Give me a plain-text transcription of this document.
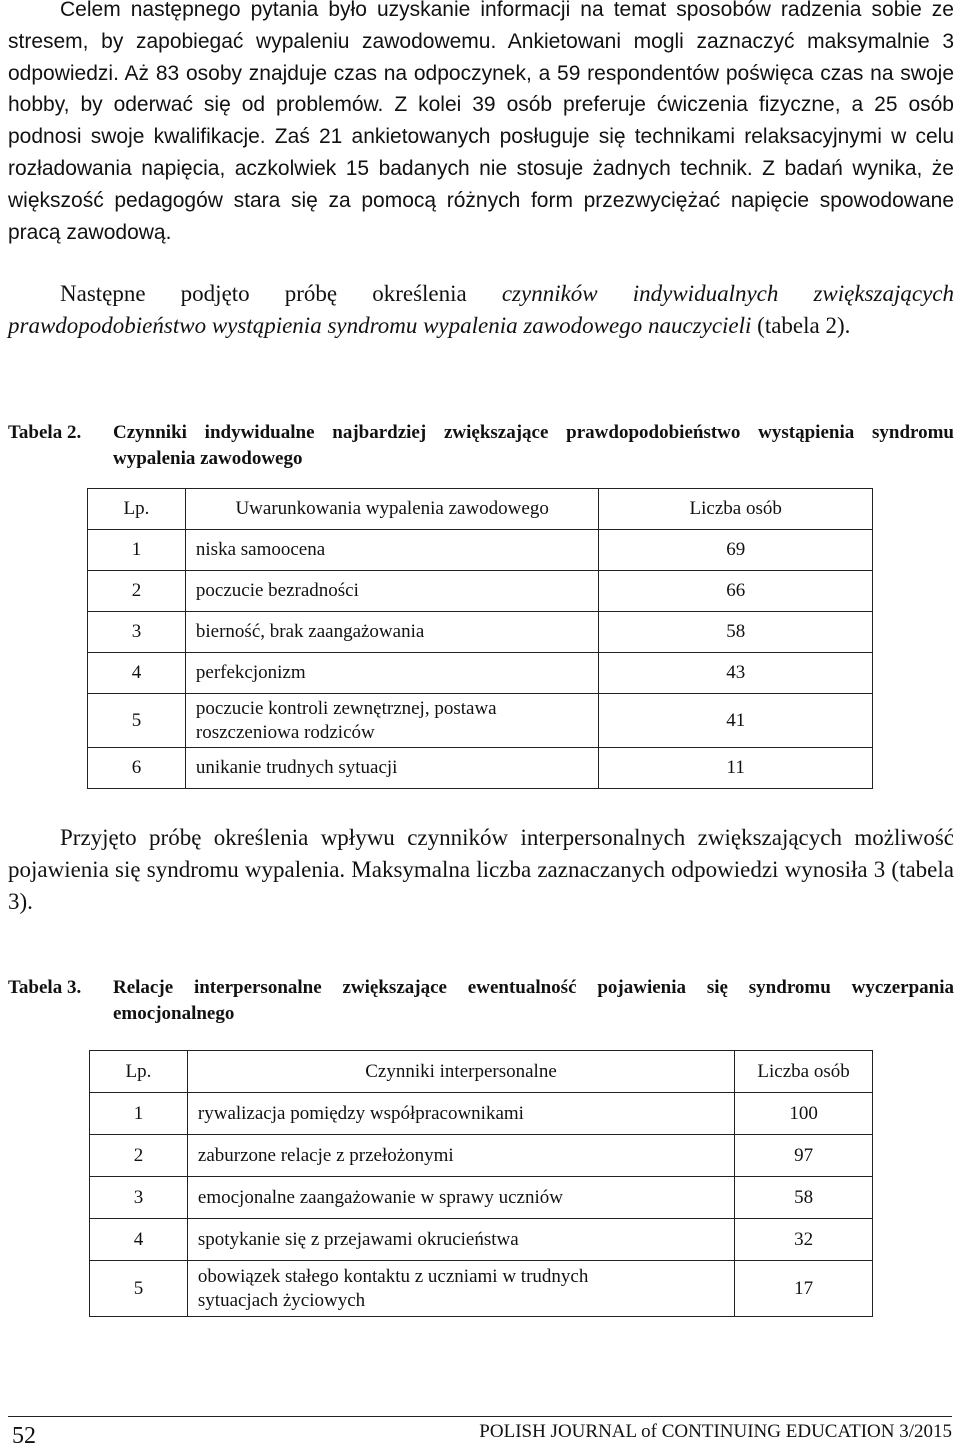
Celem następnego pytania było uzyskanie informacji na temat sposobów radzenia sobie ze stresem, by zapobiegać wypaleniu zawodowemu. Ankietowani mogli zaznaczyć maksymalnie 3 odpowiedzi. Aż 83 osoby znajduje czas na odpoczynek, a 59 respondentów poświęca czas na swoje hobby, by oderwać się od problemów. Z kolei 39 osób preferuje ćwiczenia fizyczne, a 25 osób podnosi swoje kwalifikacje. Zaś 21 ankietowanych posługuje się technikami relaksacyjnymi w celu rozładowania napięcia, aczkolwiek 15 badanych nie stosuje żadnych technik. Z badań wynika, że większość pedagogów stara się za pomocą różnych form przezwyciężać napięcie spowodowane pracą zawodową.

Następne podjęto próbę określenia czynników indywidualnych zwiększających prawdopodobieństwo wystąpienia syndromu wypalenia zawodowego nauczycieli (tabela 2).

Tabela 2.	Czynniki indywidualne najbardziej zwiększające prawdopodobieństwo wystąpienia syndromu wypalenia zawodowego
Lp.	Uwarunkowania wypalenia zawodowego	Liczba osób
1	niska samoocena	69
2	poczucie bezradności	66
3	bierność, brak zaangażowania	58
4	perfekcjonizm	43
5	poczucie kontroli zewnętrznej, postawa roszczeniowa rodziców	41
6	unikanie trudnych sytuacji	11

Przyjęto próbę określenia wpływu czynników interpersonalnych zwiększających możliwość pojawienia się syndromu wypalenia. Maksymalna liczba zaznaczanych odpowiedzi wynosiła 3 (tabela 3).

Tabela 3.	Relacje interpersonalne zwiększające ewentualność pojawienia się syndromu wyczerpania emocjonalnego
Lp.	Czynniki interpersonalne	Liczba osób
1	rywalizacja pomiędzy współpracownikami	100
2	zaburzone relacje z przełożonymi	97
3	emocjonalne zaangażowanie w sprawy uczniów	58
4	spotykanie się z przejawami okrucieństwa	32
5	obowiązek stałego kontaktu z uczniami w trudnych sytuacjach życiowych	17
52	POLISH JOURNAL of CONTINUING EDUCATION 3/2015
